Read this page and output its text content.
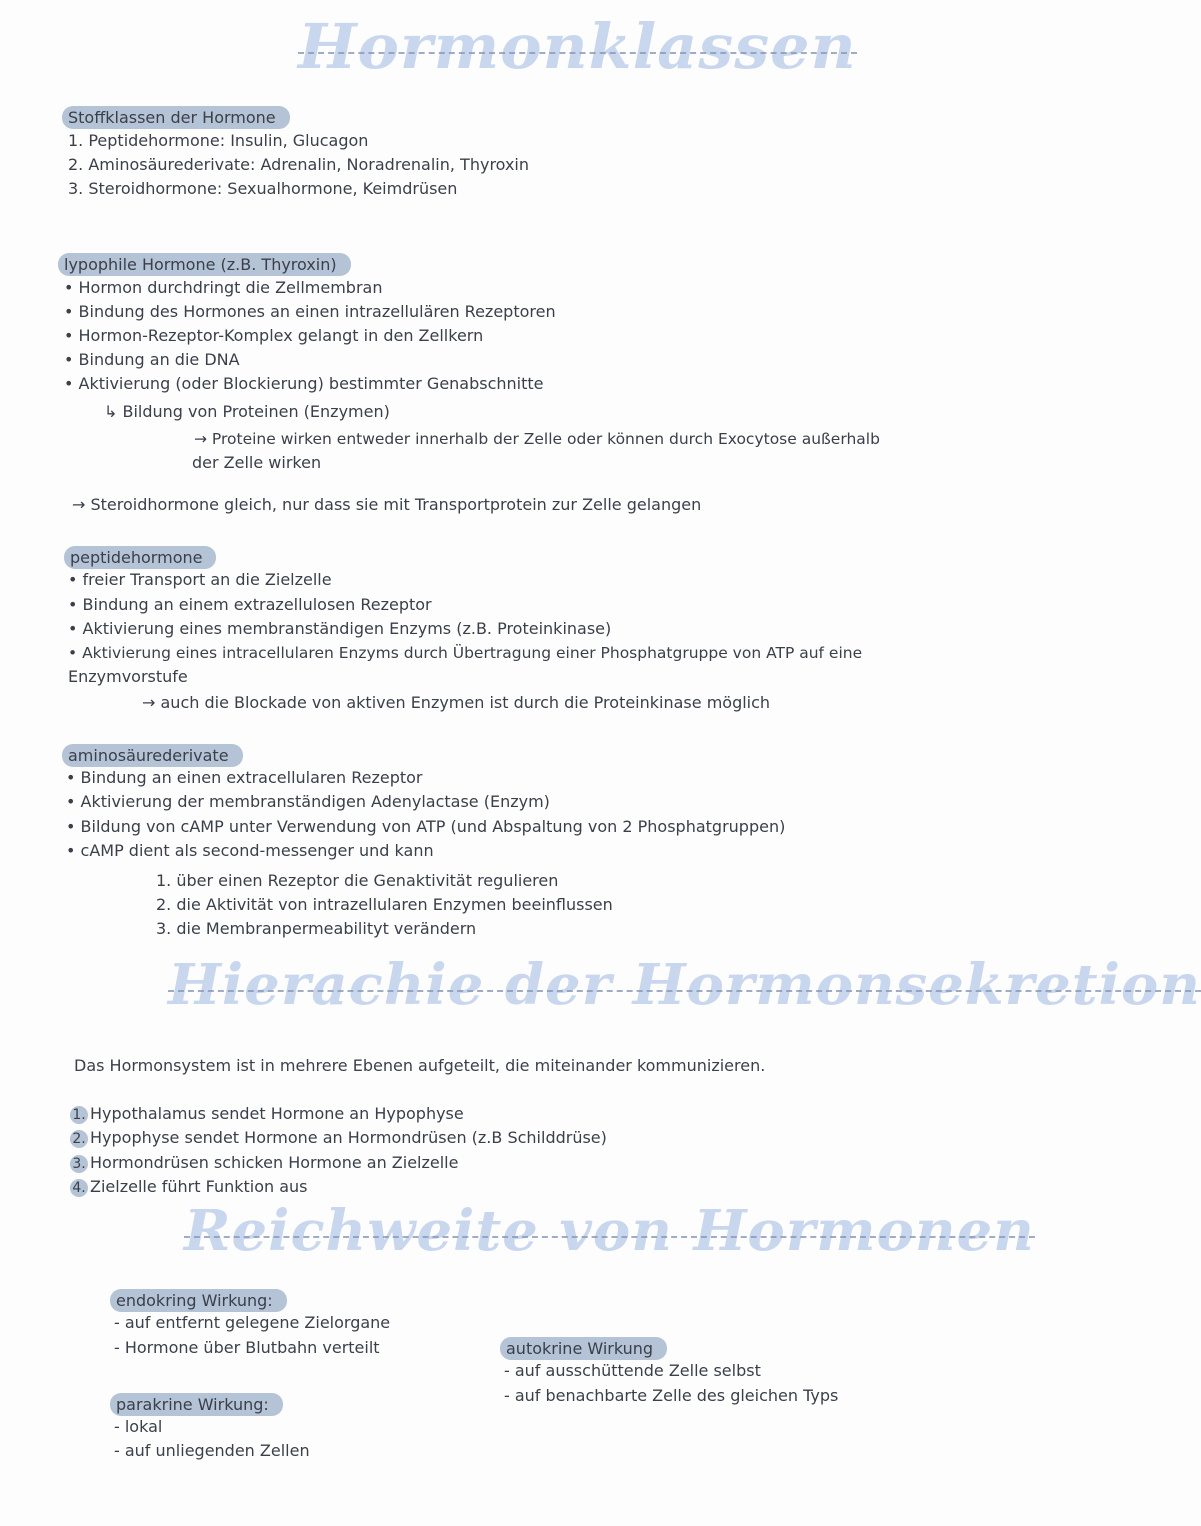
Hormonklassen
Stoffklassen der Hormone
1. Peptidehormone: Insulin, Glucagon
2. Aminosäurederivate: Adrenalin, Noradrenalin, Thyroxin
3. Steroidhormone: Sexualhormone, Keimdrüsen
lypophile Hormone (z.B. Thyroxin)
• Hormon durchdringt die Zellmembran
• Bindung des Hormones an einen intrazellulären Rezeptoren
• Hormon-Rezeptor-Komplex gelangt in den Zellkern
• Bindung an die DNA
• Aktivierung (oder Blockierung) bestimmter Genabschnitte
↳ Bildung von Proteinen (Enzymen)
→ Proteine wirken entweder innerhalb der Zelle oder können durch Exocytose außerhalb
der Zelle wirken
→ Steroidhormone gleich, nur dass sie mit Transportprotein zur Zelle gelangen
peptidehormone
• freier Transport an die Zielzelle
• Bindung an einem extrazellulosen Rezeptor
• Aktivierung eines membranständigen Enzyms (z.B. Proteinkinase)
• Aktivierung eines intracellularen Enzyms durch Übertragung einer Phosphatgruppe von ATP auf eine
Enzymvorstufe
→ auch die Blockade von aktiven Enzymen ist durch die Proteinkinase möglich
aminosäurederivate
• Bindung an einen extracellularen Rezeptor
• Aktivierung der membranständigen Adenylactase (Enzym)
• Bildung von cAMP unter Verwendung von ATP (und Abspaltung von 2 Phosphatgruppen)
• cAMP dient als second-messenger und kann
1. über einen Rezeptor die Genaktivität regulieren
2. die Aktivität von intrazellularen Enzymen beeinflussen
3. die Membranpermeabilityt verändern
Hierachie der Hormonsekretion
Das Hormonsystem ist in mehrere Ebenen aufgeteilt, die miteinander kommunizieren.
1. Hypothalamus sendet Hormone an Hypophyse
2. Hypophyse sendet Hormone an Hormondrüsen (z.B Schilddrüse)
3. Hormondrüsen schicken Hormone an Zielzelle
4. Zielzelle führt Funktion aus
Reichweite von Hormonen
endokring Wirkung:
- auf entfernt gelegene Zielorgane
- Hormone über Blutbahn verteilt	autokrine Wirkung
- auf ausschüttende Zelle selbst
- auf benachbarte Zelle des gleichen Typs
parakrine Wirkung:
- lokal
- auf unliegenden Zellen
